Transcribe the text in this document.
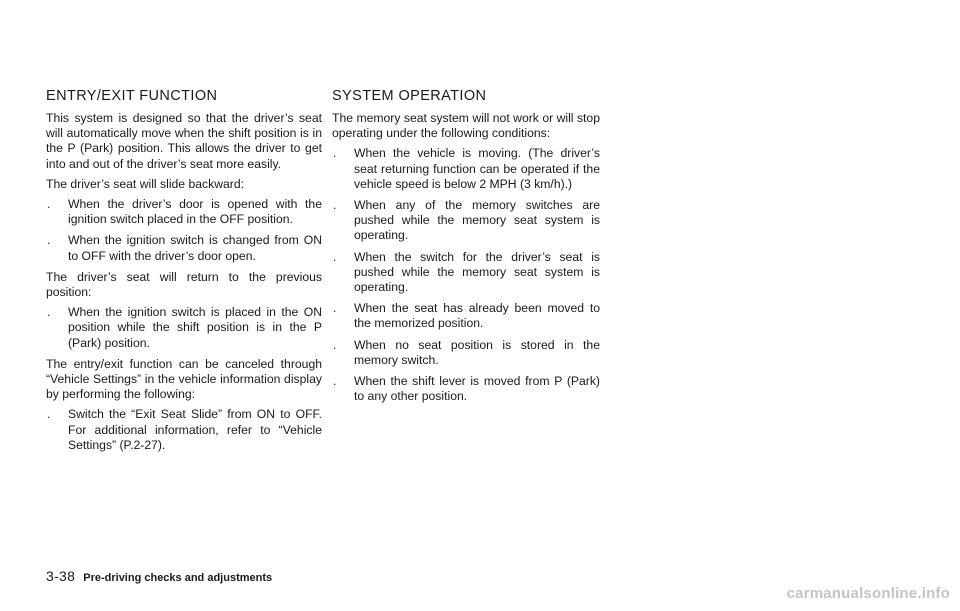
ENTRY/EXIT FUNCTION

This system is designed so that the driver’s seat will automatically move when the shift position is in the P (Park) position. This allows the driver to get into and out of the driver’s seat more easily.

The driver’s seat will slide backward:

. When the driver’s door is opened with the ignition switch placed in the OFF position.
. When the ignition switch is changed from ON to OFF with the driver’s door open.

The driver’s seat will return to the previous position:

. When the ignition switch is placed in the ON position while the shift position is in the P (Park) position.

The entry/exit function can be canceled through “Vehicle Settings” in the vehicle information display by performing the following:

. Switch the “Exit Seat Slide” from ON to OFF. For additional information, refer to “Vehicle Settings” (P.2-27).
SYSTEM OPERATION

The memory seat system will not work or will stop operating under the following conditions:

. When the vehicle is moving. (The driver’s seat returning function can be operated if the vehicle speed is below 2 MPH (3 km/h).)
. When any of the memory switches are pushed while the memory seat system is operating.
. When the switch for the driver’s seat is pushed while the memory seat system is operating.
. When the seat has already been moved to the memorized position.
. When no seat position is stored in the memory switch.
. When the shift lever is moved from P (Park) to any other position.
3-38 Pre-driving checks and adjustments
carmanualsonline.info
